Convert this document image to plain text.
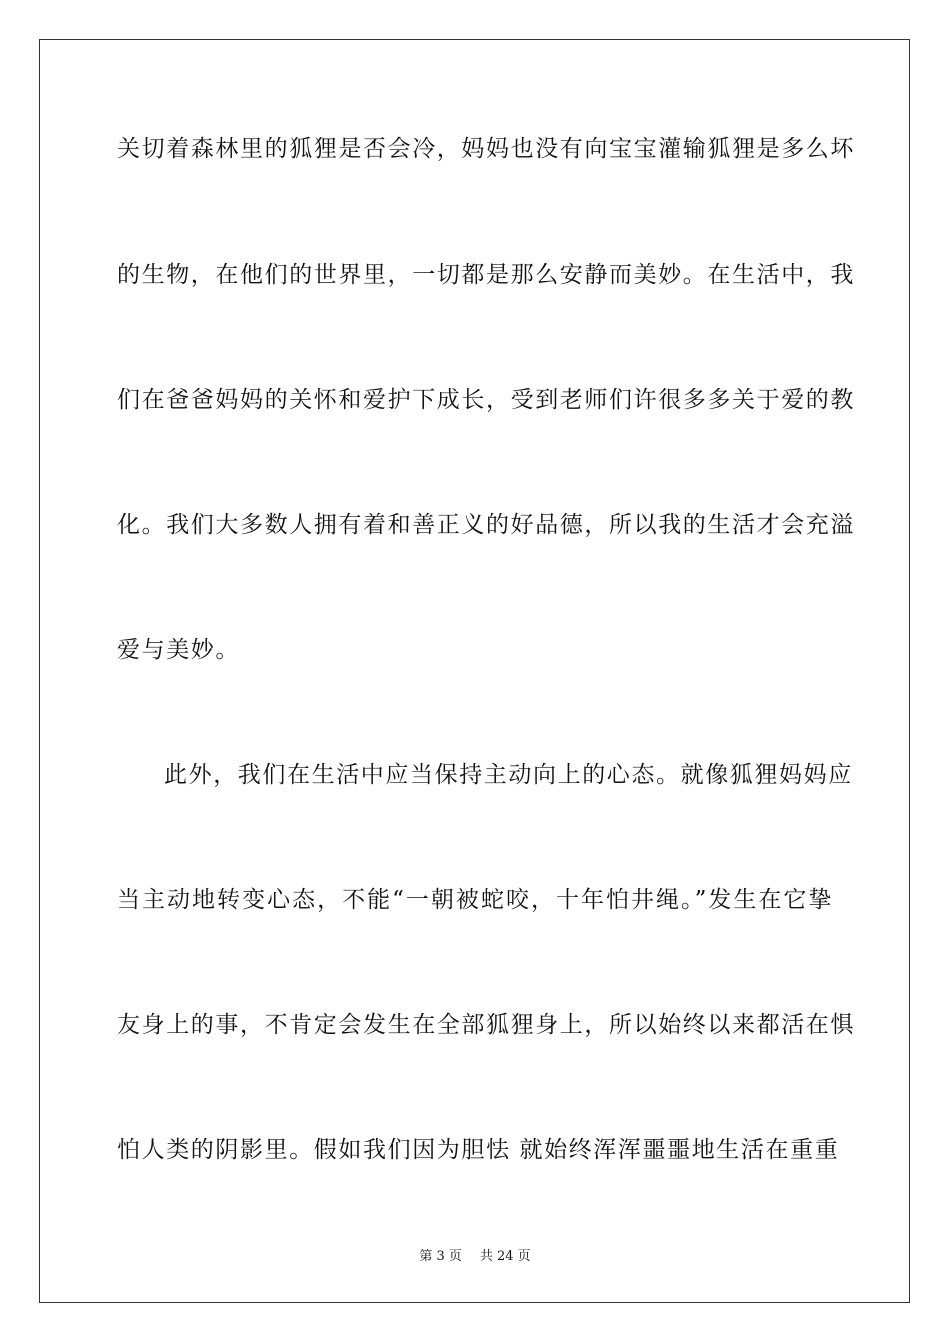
关切着森林里的狐狸是否会冷，妈妈也没有向宝宝灌输狐狸是多么坏
的生物，在他们的世界里，一切都是那么安静而美妙。在生活中，我
们在爸爸妈妈的关怀和爱护下成长，受到老师们许很多多关于爱的教
化。我们大多数人拥有着和善正义的好品德，所以我的生活才会充溢
爱与美妙。
此外，我们在生活中应当保持主动向上的心态。就像狐狸妈妈应
当主动地转变心态，不能“一朝被蛇咬，十年怕井绳。”发生在它挚
友身上的事，不肯定会发生在全部狐狸身上，所以始终以来都活在惧
怕人类的阴影里。假如我们因为胆怯 就始终浑浑噩噩地生活在重重
第 3 页 共 24 页
